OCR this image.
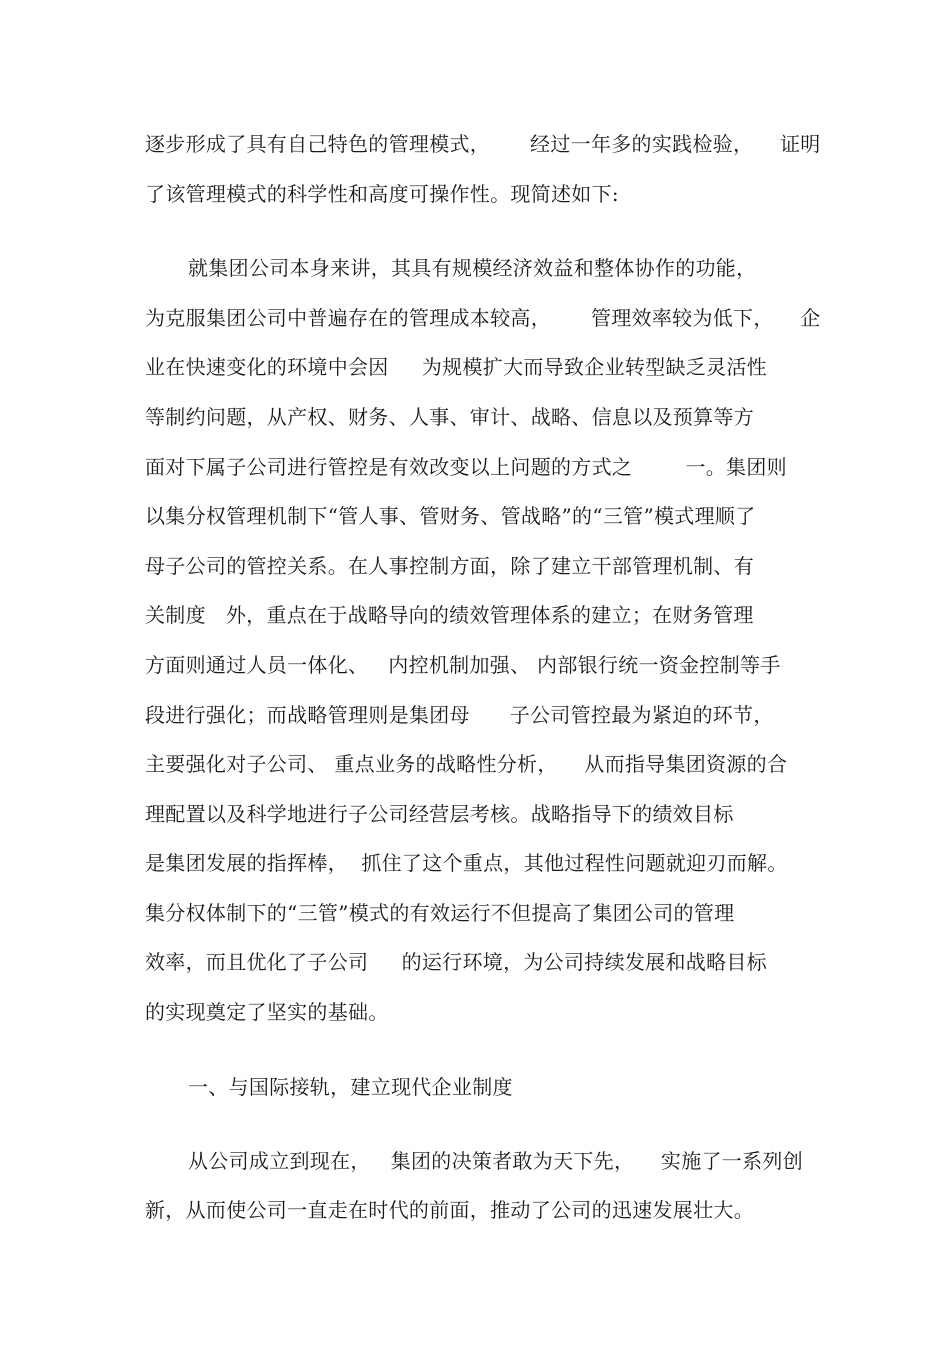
逐步形成了具有自己特色的管理模式，      经过一年多的实践检验，    证明
了该管理模式的科学性和高度可操作性。现简述如下:
就集团公司本身来讲，其具有规模经济效益和整体协作的功能，
为克服集团公司中普遍存在的管理成本较高，      管理效率较为低下，    企
业在快速变化的环境中会因     为规模扩大而导致企业转型缺乏灵活性
等制约问题，从产权、财务、人事、审计、战略、信息以及预算等方
面对下属子公司进行管控是有效改变以上问题的方式之        一。集团则
以集分权管理机制下“管人事、管财务、管战略”的“三管”模式理顺了
母子公司的管控关系。在人事控制方面，除了建立干部管理机制、有
关制度   外，重点在于战略导向的绩效管理体系的建立；在财务管理
方面则通过人员一体化、   内控机制加强、 内部银行统一资金控制等手
段进行强化；而战略管理则是集团母      子公司管控最为紧迫的环节，
主要强化对子公司、 重点业务的战略性分析，    从而指导集团资源的合
理配置以及科学地进行子公司经营层考核。战略指导下的绩效目标
是集团发展的指挥棒，  抓住了这个重点，其他过程性问题就迎刃而解。
集分权体制下的“三管”模式的有效运行不但提高了集团公司的管理
效率，而且优化了子公司     的运行环境，为公司持续发展和战略目标
的实现奠定了坚实的基础。
一、与国际接轨，建立现代企业制度
从公司成立到现在，   集团的决策者敢为天下先，    实施了一系列创
新，从而使公司一直走在时代的前面，推动了公司的迅速发展壮大。
